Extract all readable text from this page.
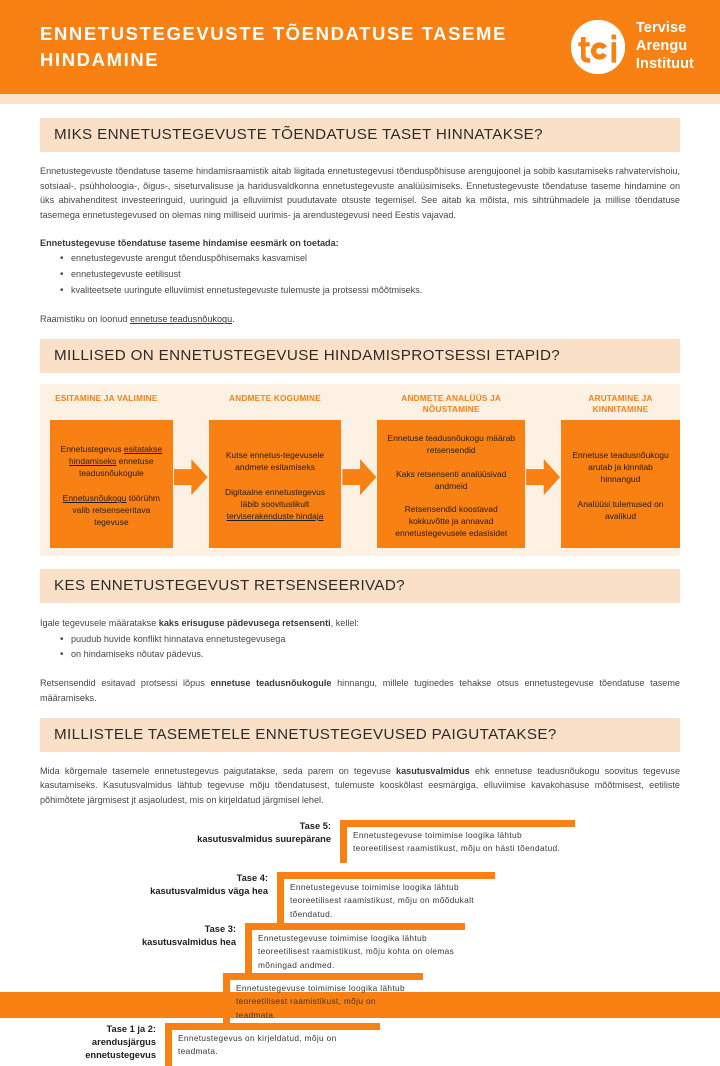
ENNETUSTEGEVUSTE TÕENDATUSE TASEME HINDAMINE
Tervise
Arengu
Instituut
MIKS ENNETUSTEGEVUSTE TÕENDATUSE TASET HINNATAKSE?

Ennetustegevuste tõendatuse taseme hindamisraamistik aitab liigitada ennetustegevusi tõenduspõhisuse arengujoonel ja sobib kasutamiseks rahvatervishoiu, sotsiaal-, psühholoogia-, õigus-, siseturvalisuse ja haridusvaldkonna ennetustegevuste analüüsimiseks. Ennetustegevuste tõendatuse taseme hindamine on üks abivahenditest investeeringuid, uuringuid ja elluviimist puudutavate otsuste tegemisel. See aitab ka mõista, mis sihtrühmadele ja millise tõendatuse tasemega ennetustegevused on olemas ning milliseid uurimis- ja arendustegevusi need Eestis vajavad.

Ennetustegevuse tõendatuse taseme hindamise eesmärk on toetada:

• ennetustegevuste arengut tõenduspõhisemaks kasvamisel
• ennetustegevuste eetilisust
• kvaliteetsete uuringute elluviimist ennetustegevuste tulemuste ja protsessi mõõtmiseks.

Raamistiku on loonud ennetuse teadusnõukogu.

MILLISED ON ENNETUSTEGEVUSE HINDAMISPROTSESSI ETAPID?
ESITAMINE JA VALIMINE
Ennetustegevus esitatakse hindamiseks ennetuse teadusnõukogule
Ennetusnõukogu töörühm valib retsenseeritava tegevuse
ANDMETE KOGUMINE
Kutse ennetus-tegevusele andmete esitamiseks
Digitaalne ennetustegevus läbib soovituslikult terviserakenduste hindaja
ANDMETE ANALÜÜS JA NÕUSTAMINE
Ennetuse teadusnõukogu määrab retsensendid
Kaks retsensenti analüüsivad andmeid
Retsensendid koostavad kokkuvõtte ja annavad ennetustegevusele edasisidet
ARUTAMINE JA KINNITAMINE
Ennetuse teadusnõukogu arutab ja kinnitab hinnangud
Analüüsi tulemused on avalikud
KES ENNETUSTEGEVUST RETSENSEERIVAD?

Igale tegevusele määratakse kaks erisuguse pädevusega retsensenti, kellel:

• puudub huvide konflikt hinnatava ennetustegevusega
• on hindamiseks nõutav pädevus.

Retsensendid esitavad protsessi lõpus ennetuse teadusnõukogule hinnangu, millele tuginedes tehakse otsus ennetustegevuse tõendatuse taseme määramiseks.

MILLISTELE TASEMETELE ENNETUSTEGEVUSED PAIGUTATAKSE?

Mida kõrgemale tasemele ennetustegevus paigutatakse, seda parem on tegevuse kasutusvalmidus ehk ennetuse teadusnõukogu soovitus tegevuse kasutamiseks. Kasutusvalmidus lähtub tegevuse mõju tõendatusest, tulemuste kooskõlast eesmärgiga, elluviimise kavakohasuse mõõtmisest, eetiliste põhimõtete järgmisest jt asjaoludest, mis on kirjeldatud järgmisel lehel.

Tase 5:
kasutusvalmidus suurepärane	Ennetustegevuse toimimise loogika lähtub teoreetilisest raamistikust, mõju on hästi tõendatud.
Tase 4:
kasutusvalmidus väga hea	Ennetustegevuse toimimise loogika lähtub teoreetilisest raamistikust, mõju on mõõdukalt tõendatud.
Tase 3:
kasutusvalmidus hea	Ennetustegevuse toimimise loogika lähtub teoreetilisest raamistikust, mõju kohta on olemas mõningad andmed.
Ennetustegevuse toimimise loogika lähtub teoreetilisest raamistikust, mõju on teadmata.
Tase 1 ja 2:
arendusjärgus
ennetustegevus
Ennetustegevus on kirjeldatud, mõju on teadmata.
